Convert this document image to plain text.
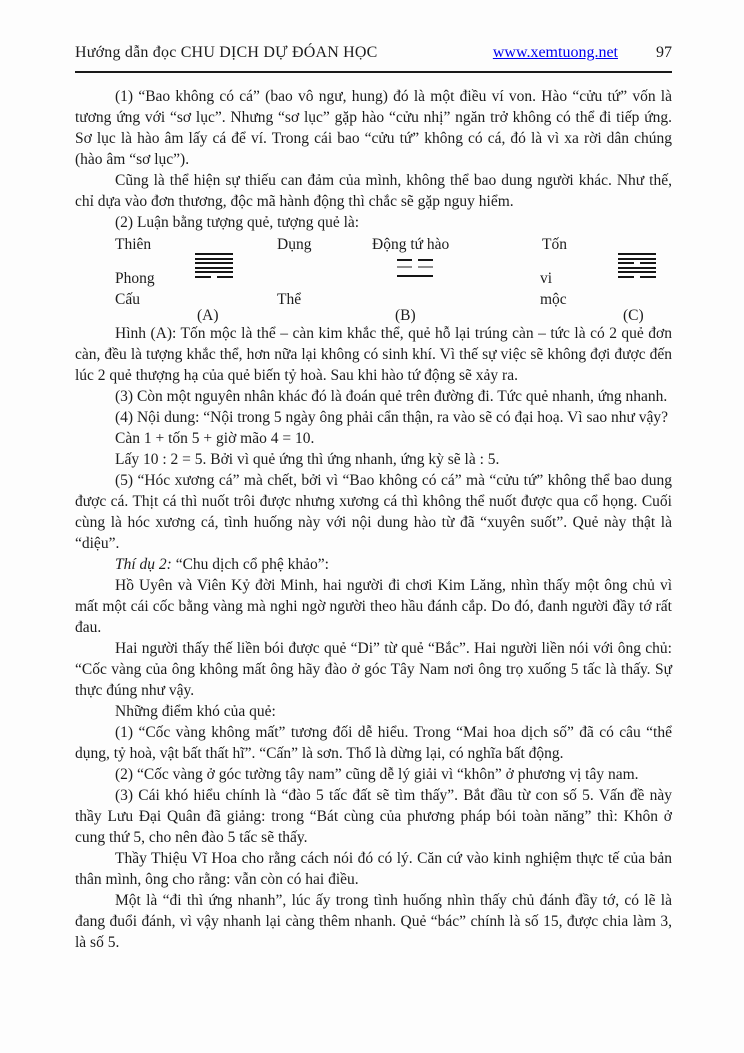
Hướng dẫn đọc CHU DỊCH DỰ ĐÓAN HỌC	www.xemtuong.net 97

(1) “Bao không có cá” (bao vô ngư, hung) đó là một điều ví von. Hào “cửu tứ” vốn là tương ứng với “sơ lục”. Nhưng “sơ lục” gặp hào “cửu nhị” ngăn trở không có thể đi tiếp ứng. Sơ lục là hào âm lấy cá để ví. Trong cái bao “cửu tứ” không có cá, đó là vì xa rời dân chúng (hào âm “sơ lục”).

Cũng là thể hiện sự thiếu can đảm của mình, không thể bao dung người khác. Như thế, chỉ dựa vào đơn thương, độc mã hành động thì chắc sẽ gặp nguy hiểm.

(2) Luận bằng tượng quẻ, tượng quẻ là:

Thiên
Phong
Cấu
(A)
Dụng	Động tứ hào
Thể
(B)
Tốn
vi
mộc
(C)

Hình (A): Tốn mộc là thể – càn kim khắc thể, quẻ hỗ lại trúng càn – tức là có 2 quẻ đơn càn, đều là tượng khắc thể, hơn nữa lại không có sinh khí. Vì thế sự việc sẽ không đợi được đến lúc 2 quẻ thượng hạ của quẻ biến tỷ hoà. Sau khi hào tứ động sẽ xảy ra.

(3) Còn một nguyên nhân khác đó là đoán quẻ trên đường đi. Tức quẻ nhanh, ứng nhanh.

(4) Nội dung: “Nội trong 5 ngày ông phải cẩn thận, ra vào sẽ có đại hoạ. Vì sao như vậy?

Càn 1 + tốn 5 + giờ mão 4 = 10.

Lấy 10 : 2 = 5. Bởi vì quẻ ứng thì ứng nhanh, ứng kỳ sẽ là : 5.

(5) “Hóc xương cá” mà chết, bởi vì “Bao không có cá” mà “cửu tứ” không thể bao dung được cá. Thịt cá thì nuốt trôi được nhưng xương cá thì không thể nuốt được qua cổ họng. Cuối cùng là hóc xương cá, tình huống này với nội dung hào từ đã “xuyên suốt”. Quẻ này thật là “diệu”.

Thí dụ 2: “Chu dịch cổ phệ khảo”:

Hồ Uyên và Viên Kỷ đời Minh, hai người đi chơi Kim Lăng, nhìn thấy một ông chủ vì mất một cái cốc bằng vàng mà nghi ngờ người theo hầu đánh cắp. Do đó, đanh người đầy tớ rất đau.

Hai người thấy thế liền bói được quẻ “Di” từ quẻ “Bắc”. Hai người liền nói với ông chủ: “Cốc vàng của ông không mất ông hãy đào ở góc Tây Nam nơi ông trọ xuống 5 tấc là thấy. Sự thực đúng như vậy.

Những điểm khó của quẻ:

(1) “Cốc vàng không mất” tương đối dễ hiểu. Trong “Mai hoa dịch số” đã có câu “thể dụng, tỷ hoà, vật bất thất hĩ”. “Cấn” là sơn. Thổ là dừng lại, có nghĩa bất động.

(2) “Cốc vàng ở góc tường tây nam” cũng dễ lý giải vì “khôn” ở phương vị tây nam.

(3) Cái khó hiểu chính là “đào 5 tấc đất sẽ tìm thấy”. Bắt đầu từ con số 5. Vấn đề này thầy Lưu Đại Quân đã giảng: trong “Bát cùng của phương pháp bói toàn năng” thì: Khôn ở cung thứ 5, cho nên đào 5 tấc sẽ thấy.

Thầy Thiệu Vĩ Hoa cho rằng cách nói đó có lý. Căn cứ vào kinh nghiệm thực tế của bản thân mình, ông cho rằng: vẫn còn có hai điều.

Một là “đi thì ứng nhanh”, lúc ấy trong tình huống nhìn thấy chủ đánh đầy tớ, có lẽ là đang đuổi đánh, vì vậy nhanh lại càng thêm nhanh. Quẻ “bác” chính là số 15, được chia làm 3, là số 5.
